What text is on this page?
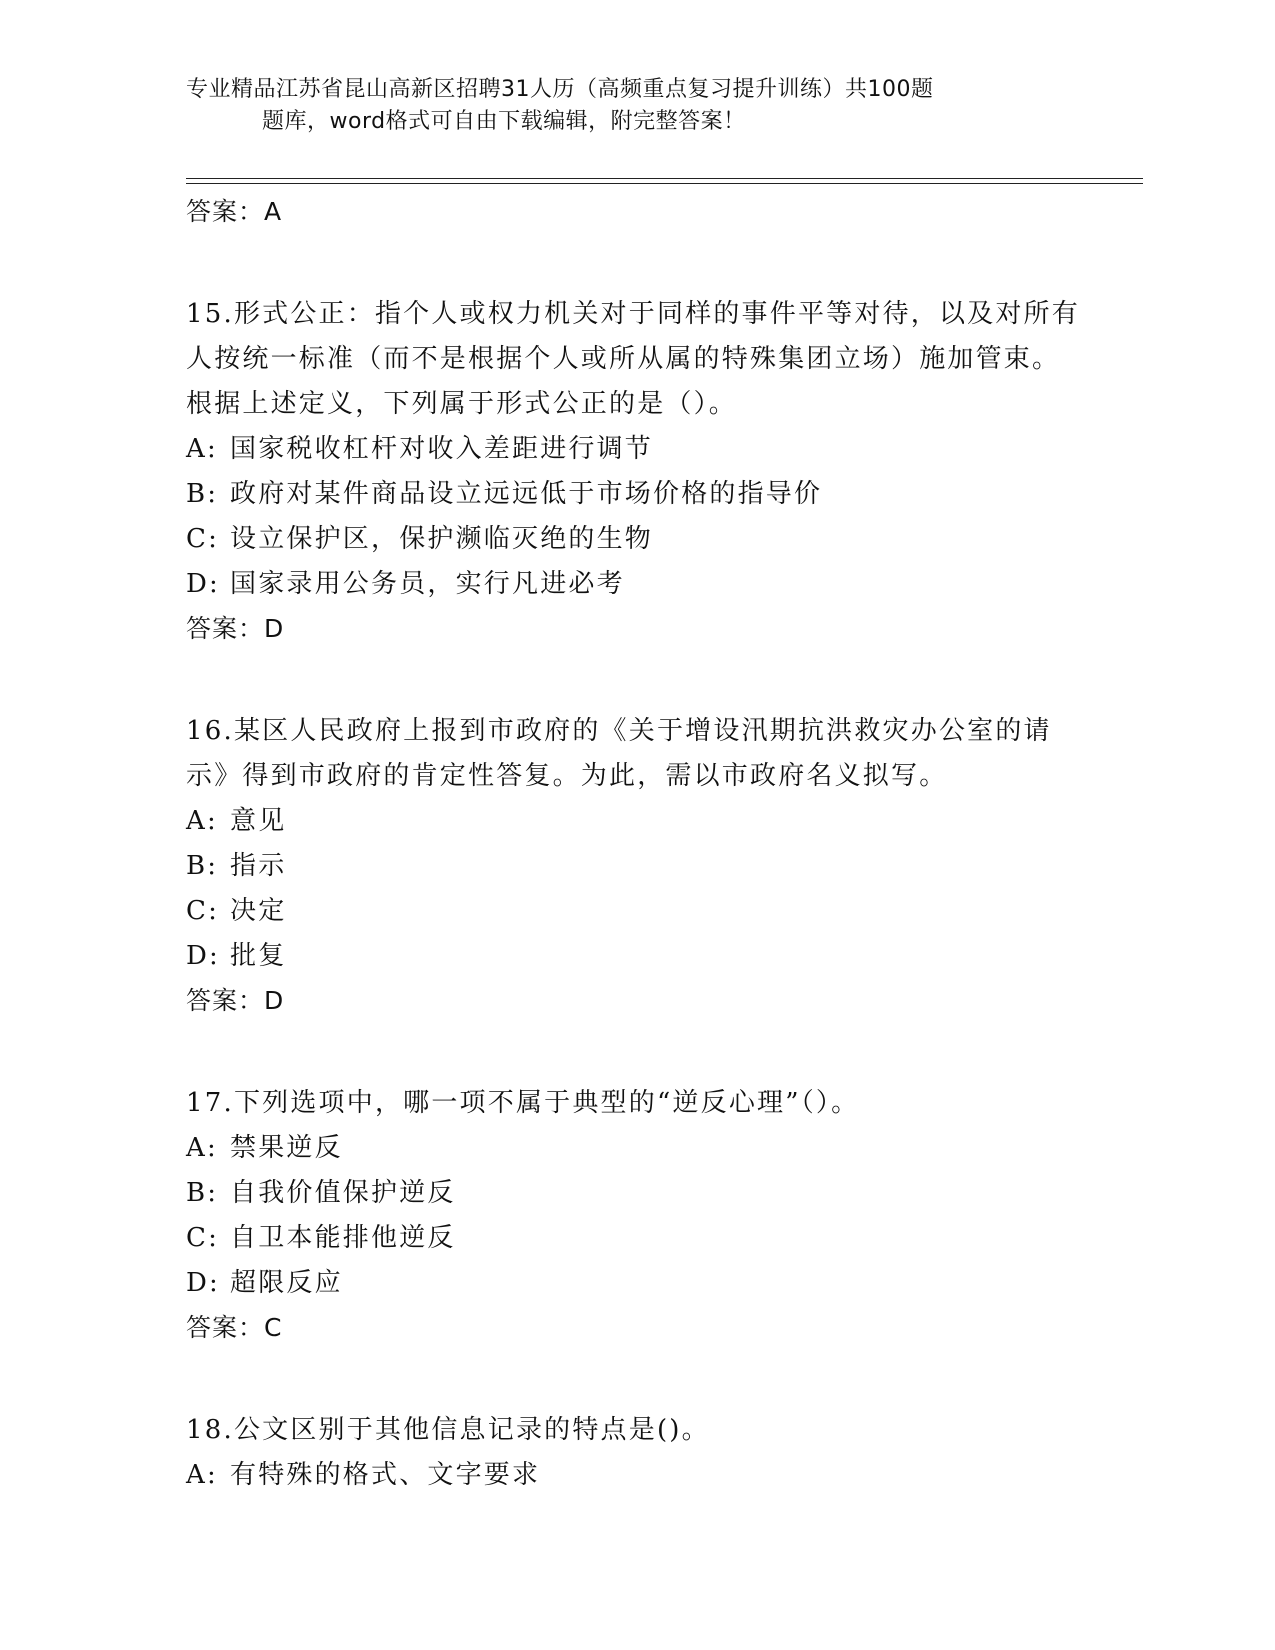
专业精品江苏省昆山高新区招聘31人历（高频重点复习提升训练）共100题
题库，word格式可自由下载编辑，附完整答案！
答案：A
15.形式公正：指个人或权力机关对于同样的事件平等对待，以及对所有人按统一标准（而不是根据个人或所从属的特殊集团立场）施加管束。根据上述定义，下列属于形式公正的是（）。
A: 国家税收杠杆对收入差距进行调节
B: 政府对某件商品设立远远低于市场价格的指导价
C: 设立保护区，保护濒临灭绝的生物
D: 国家录用公务员，实行凡进必考
答案：D
16.某区人民政府上报到市政府的《关于增设汛期抗洪救灾办公室的请示》得到市政府的肯定性答复。为此，需以市政府名义拟写。
A: 意见
B: 指示
C: 决定
D: 批复
答案：D
17.下列选项中，哪一项不属于典型的“逆反心理”（）。
A: 禁果逆反
B: 自我价值保护逆反
C: 自卫本能排他逆反
D: 超限反应
答案：C
18.公文区别于其他信息记录的特点是()。
A: 有特殊的格式、文字要求
